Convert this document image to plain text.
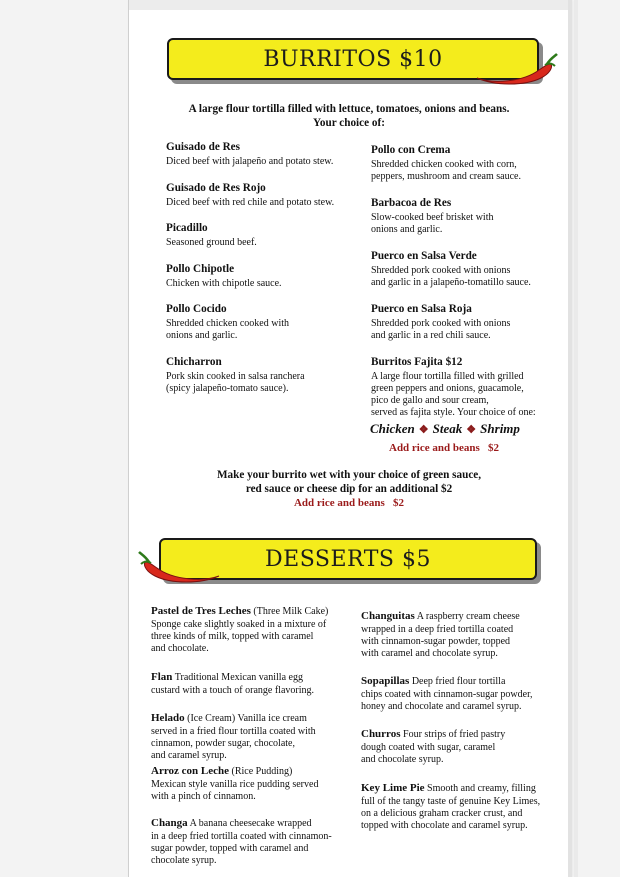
BURRITOS $10
A large flour tortilla filled with lettuce, tomatoes, onions and beans.
Your choice of:
Guisado de Res
Diced beef with jalapeño and potato stew.
Guisado de Res Rojo
Diced beef with red chile and potato stew.
Picadillo
Seasoned ground beef.
Pollo Chipotle
Chicken with chipotle sauce.
Pollo Cocido
Shredded chicken cooked with
onions and garlic.
Chicharron
Pork skin cooked in salsa ranchera
(spicy jalapeño-tomato sauce).
Pollo con Crema
Shredded chicken cooked with corn,
peppers, mushroom and cream sauce.
Barbacoa de Res
Slow-cooked beef brisket with
onions and garlic.
Puerco en Salsa Verde
Shredded pork cooked with onions
and garlic in a jalapeño-tomatillo sauce.
Puerco en Salsa Roja
Shredded pork cooked with onions
and garlic in a red chili sauce.
Burritos Fajita $12
A large flour tortilla filled with grilled
green peppers and onions, guacamole,
pico de gallo and sour cream,
served as fajita style. Your choice of one:
Chicken ❖ Steak ❖ Shrimp
Add rice and beans   $2
Make your burrito wet with your choice of green sauce,
red sauce or cheese dip for an additional $2
Add rice and beans   $2
DESSERTS $5
Pastel de Tres Leches (Three Milk Cake)
Sponge cake slightly soaked in a mixture of
three kinds of milk, topped with caramel
and chocolate.
Flan Traditional Mexican vanilla egg
custard with a touch of orange flavoring.
Helado (Ice Cream) Vanilla ice cream
served in a fried flour tortilla coated with
cinnamon, powder sugar, chocolate,
and caramel syrup.
Arroz con Leche (Rice Pudding)
Mexican style vanilla rice pudding served
with a pinch of cinnamon.
Changa A banana cheesecake wrapped
in a deep fried tortilla coated with cinnamon-
sugar powder, topped with caramel and
chocolate syrup.
Changuitas A raspberry cream cheese
wrapped in a deep fried tortilla coated
with cinnamon-sugar powder, topped
with caramel and chocolate syrup.
Sopapillas Deep fried flour tortilla
chips coated with cinnamon-sugar powder,
honey and chocolate and caramel syrup.
Churros Four strips of fried pastry
dough coated with sugar, caramel
and chocolate syrup.
Key Lime Pie Smooth and creamy, filling
full of the tangy taste of genuine Key Limes,
on a delicious graham cracker crust, and
topped with chocolate and caramel syrup.
